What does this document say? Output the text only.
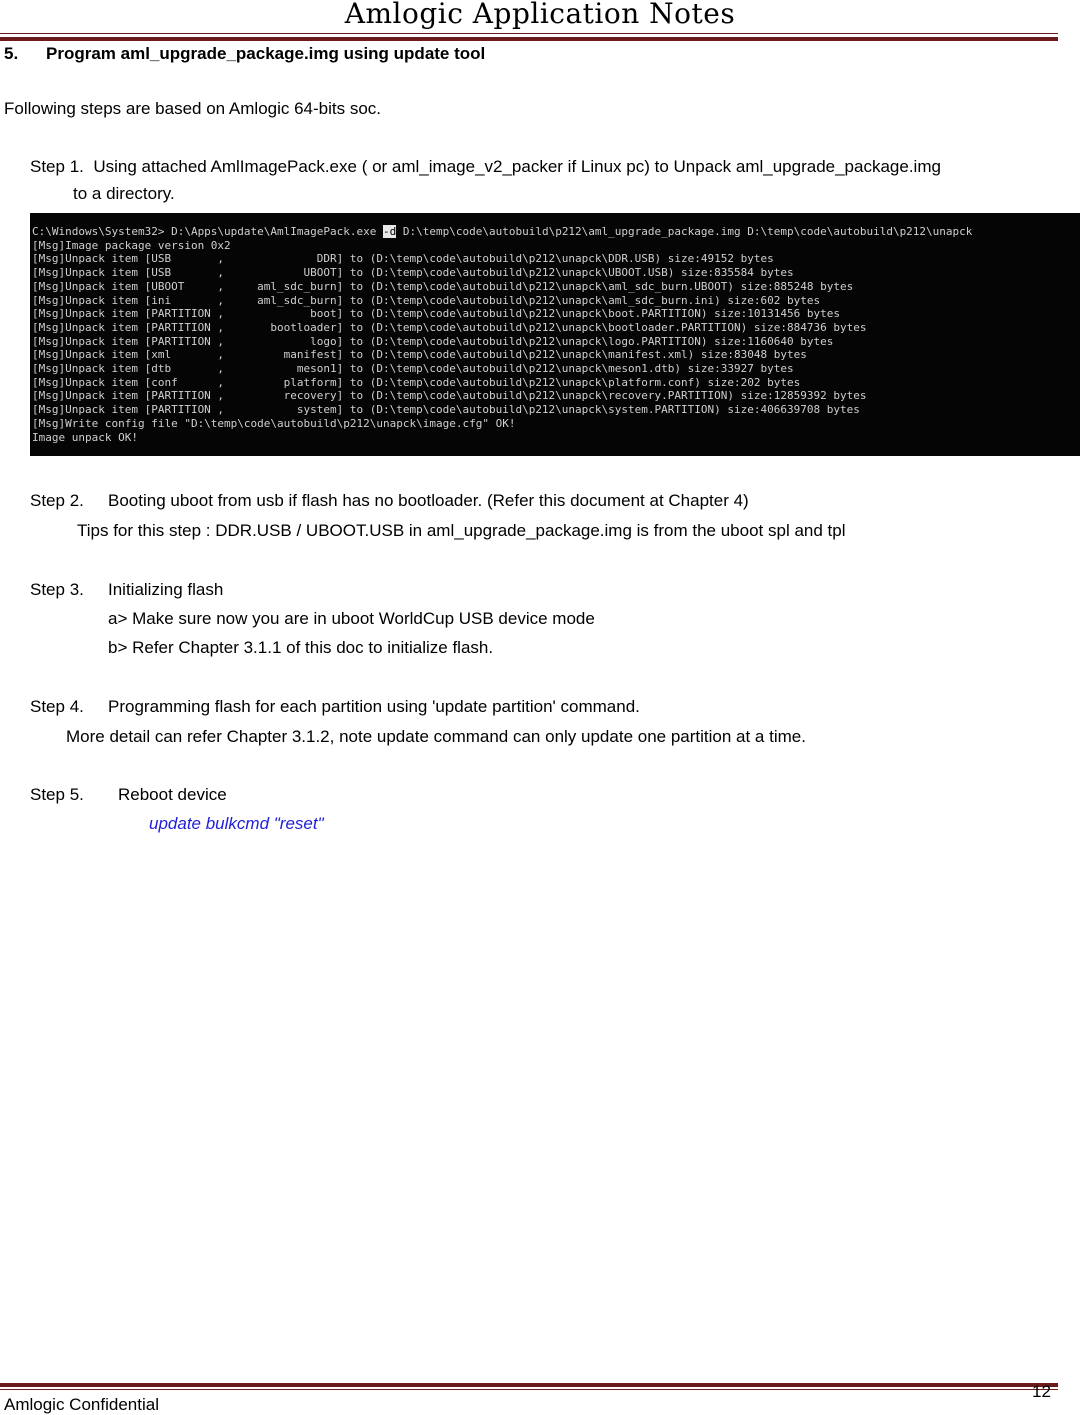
Amlogic Application Notes
5. Program aml_upgrade_package.img using update tool
Following steps are based on Amlogic 64-bits soc.
Step 1. Using attached AmlImagePack.exe ( or aml_image_v2_packer if Linux pc) to Unpack aml_upgrade_package.img
to a directory.
C:\Windows\System32> D:\Apps\update\AmlImagePack.exe -d D:\temp\code\autobuild\p212\aml_upgrade_package.img D:\temp\code\autobuild\p212\unapck
[Msg]Image package version 0x2
[Msg]Unpack item [USB       ,              DDR] to (D:\temp\code\autobuild\p212\unapck\DDR.USB) size:49152 bytes
[Msg]Unpack item [USB       ,            UBOOT] to (D:\temp\code\autobuild\p212\unapck\UBOOT.USB) size:835584 bytes
[Msg]Unpack item [UBOOT     ,     aml_sdc_burn] to (D:\temp\code\autobuild\p212\unapck\aml_sdc_burn.UBOOT) size:885248 bytes
[Msg]Unpack item [ini       ,     aml_sdc_burn] to (D:\temp\code\autobuild\p212\unapck\aml_sdc_burn.ini) size:602 bytes
[Msg]Unpack item [PARTITION ,             boot] to (D:\temp\code\autobuild\p212\unapck\boot.PARTITION) size:10131456 bytes
[Msg]Unpack item [PARTITION ,       bootloader] to (D:\temp\code\autobuild\p212\unapck\bootloader.PARTITION) size:884736 bytes
[Msg]Unpack item [PARTITION ,             logo] to (D:\temp\code\autobuild\p212\unapck\logo.PARTITION) size:1160640 bytes
[Msg]Unpack item [xml       ,         manifest] to (D:\temp\code\autobuild\p212\unapck\manifest.xml) size:83048 bytes
[Msg]Unpack item [dtb       ,           meson1] to (D:\temp\code\autobuild\p212\unapck\meson1.dtb) size:33927 bytes
[Msg]Unpack item [conf      ,         platform] to (D:\temp\code\autobuild\p212\unapck\platform.conf) size:202 bytes
[Msg]Unpack item [PARTITION ,         recovery] to (D:\temp\code\autobuild\p212\unapck\recovery.PARTITION) size:12859392 bytes
[Msg]Unpack item [PARTITION ,           system] to (D:\temp\code\autobuild\p212\unapck\system.PARTITION) size:406639708 bytes
[Msg]Write config file "D:\temp\code\autobuild\p212\unapck\image.cfg" OK!
Image unpack OK!
Step 2. Booting uboot from usb if flash has no bootloader. (Refer this document at Chapter 4)
Tips for this step : DDR.USB / UBOOT.USB in aml_upgrade_package.img is from the uboot spl and tpl
Step 3. Initializing flash
a> Make sure now you are in uboot WorldCup USB device mode
b> Refer Chapter 3.1.1 of this doc to initialize flash.
Step 4. Programming flash for each partition using 'update partition' command.
More detail can refer Chapter 3.1.2, note update command can only update one partition at a time.
Step 5. Reboot device
update bulkcmd "reset"
Amlogic Confidential
12
